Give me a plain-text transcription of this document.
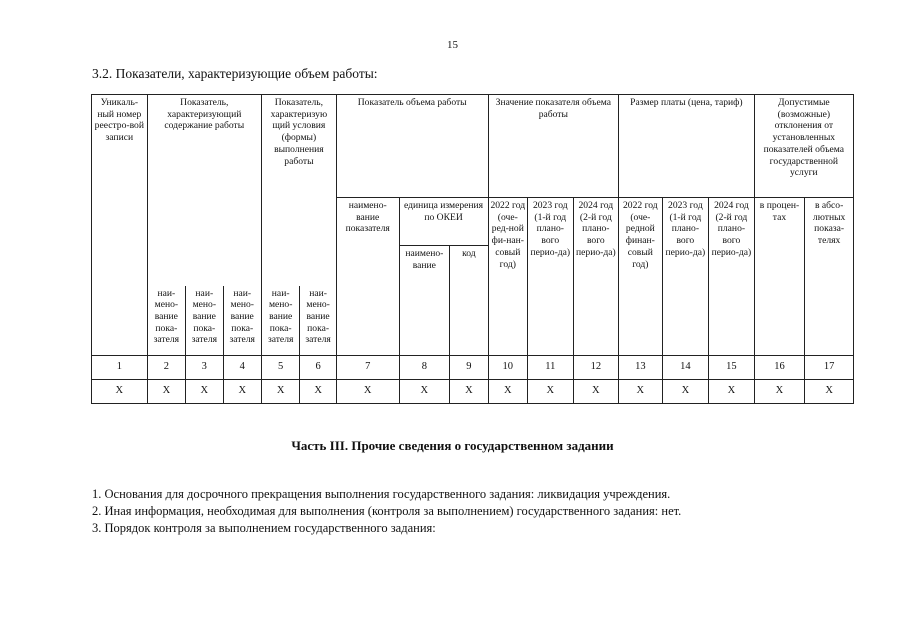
15
3.2. Показатели, характеризующие объем работы:
Уникаль-ный номер реестро-вой записи	Показатель, характеризующий содержание работы			Показатель, характеризую щий условия (формы) выполнения работы		Показатель объема работы			Значение показателя объема работы			Размер платы (цена, тариф)			Допустимые (возможные) отклонения от установленных показателей объема государственной услуги	
						наимено-вание показателя	единица измерения по ОКЕИ		2022 год (оче-ред-ной фи-нан-совый год)	2023 год (1-й год плано-вого перио-да)	2024 год (2-й год плано-вого перио-да)	2022 год (оче-редной финан-совый год)	2023 год (1-й год плано-вого перио-да)	2024 год (2-й год плано-вого перио-да)	в процен-тах	в абсо-лютных показа-телях
							наимено-вание	код								
	наи-мено-вание пока-зателя	наи-мено-вание пока-зателя	наи-мено-вание пока-зателя	наи-мено-вание пока-зателя	наи-мено-вание пока-зателя											
1	2	3	4	5	6	7	8	9	10	11	12	13	14	15	16	17
Х	Х	Х	Х	Х	Х	Х	Х	Х	Х	Х	Х	Х	Х	Х	Х	Х
Часть III. Прочие сведения о государственном задании
1. Основания для досрочного прекращения выполнения государственного задания: ликвидация учреждения.
2. Иная информация, необходимая для выполнения (контроля за выполнением) государственного задания: нет.
3. Порядок контроля за выполнением государственного задания:
